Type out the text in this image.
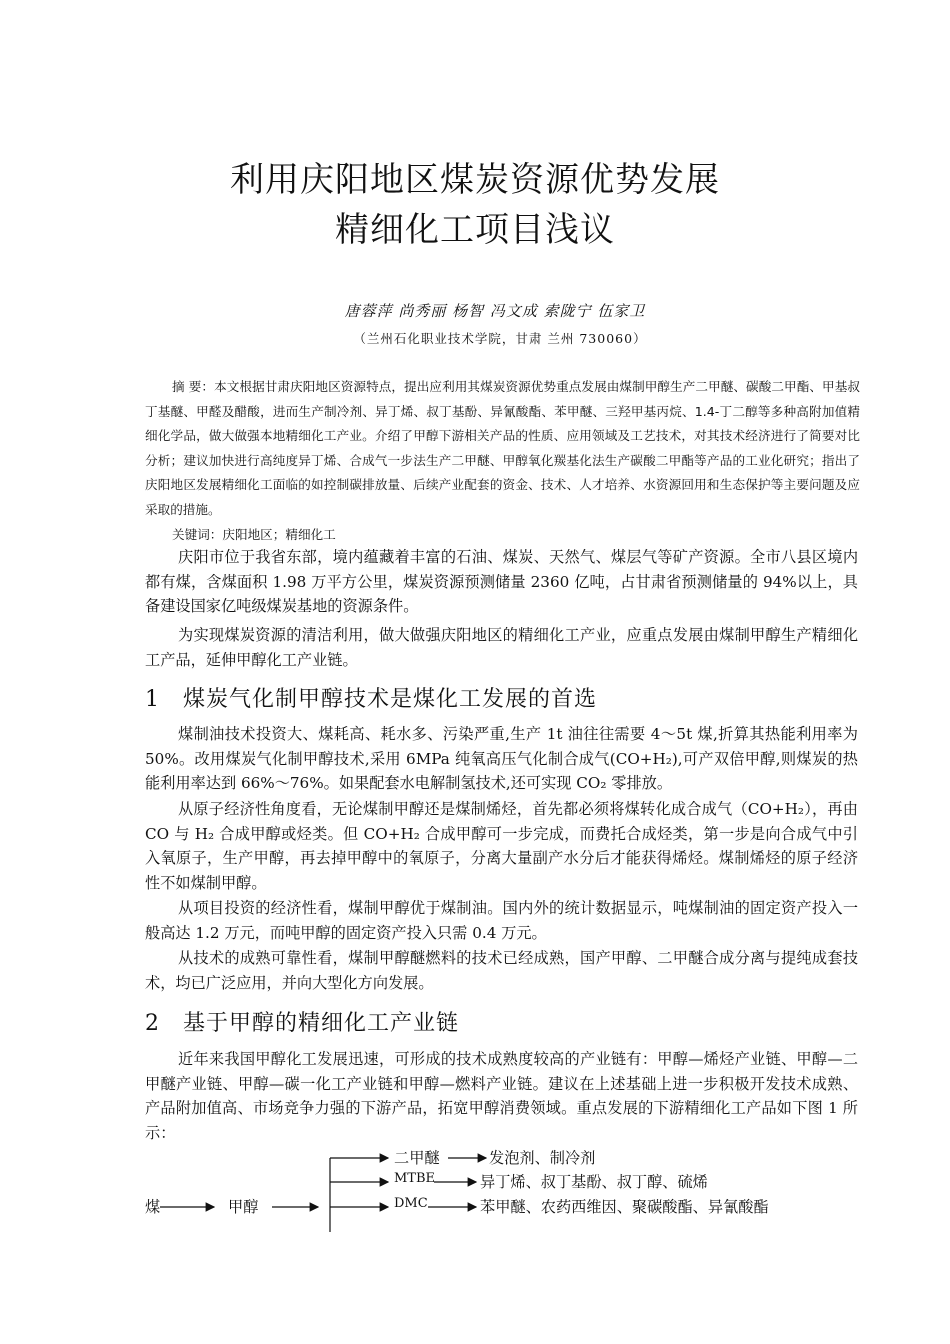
利用庆阳地区煤炭资源优势发展
精细化工项目浅议
唐蓉萍 尚秀丽 杨智 冯文成 索陇宁 伍家卫
（兰州石化职业技术学院，甘肃 兰州 730060）
摘 要：本文根据甘肃庆阳地区资源特点，提出应利用其煤炭资源优势重点发展由煤制甲醇生产二甲醚、碳酸二甲酯、甲基叔丁基醚、甲醛及醋酸，进而生产制冷剂、异丁烯、叔丁基酚、异氰酸酯、苯甲醚、三羟甲基丙烷、1.4-丁二醇等多种高附加值精细化学品，做大做强本地精细化工产业。介绍了甲醇下游相关产品的性质、应用领域及工艺技术，对其技术经济进行了简要对比分析；建议加快进行高纯度异丁烯、合成气一步法生产二甲醚、甲醇氧化羰基化法生产碳酸二甲酯等产品的工业化研究；指出了庆阳地区发展精细化工面临的如控制碳排放量、后续产业配套的资金、技术、人才培养、水资源回用和生态保护等主要问题及应采取的措施。
关键词：庆阳地区；精细化工
庆阳市位于我省东部，境内蕴藏着丰富的石油、煤炭、天然气、煤层气等矿产资源。全市八县区境内都有煤，含煤面积 1.98 万平方公里，煤炭资源预测储量 2360 亿吨，占甘肃省预测储量的 94%以上，具备建设国家亿吨级煤炭基地的资源条件。
为实现煤炭资源的清洁利用，做大做强庆阳地区的精细化工产业，应重点发展由煤制甲醇生产精细化工产品，延伸甲醇化工产业链。
1 煤炭气化制甲醇技术是煤化工发展的首选
煤制油技术投资大、煤耗高、耗水多、污染严重,生产 1t 油往往需要 4～5t 煤,折算其热能利用率为 50%。改用煤炭气化制甲醇技术,采用 6MPa 纯氧高压气化制合成气(CO+H₂),可产双倍甲醇,则煤炭的热能利用率达到 66%～76%。如果配套水电解制氢技术,还可实现 CO₂ 零排放。
从原子经济性角度看，无论煤制甲醇还是煤制烯烃，首先都必须将煤转化成合成气（CO+H₂），再由 CO 与 H₂ 合成甲醇或烃类。但 CO+H₂ 合成甲醇可一步完成，而费托合成烃类，第一步是向合成气中引入氧原子，生产甲醇，再去掉甲醇中的氧原子，分离大量副产水分后才能获得烯烃。煤制烯烃的原子经济性不如煤制甲醇。
从项目投资的经济性看，煤制甲醇优于煤制油。国内外的统计数据显示，吨煤制油的固定资产投入一般高达 1.2 万元，而吨甲醇的固定资产投入只需 0.4 万元。
从技术的成熟可靠性看，煤制甲醇醚燃料的技术已经成熟，国产甲醇、二甲醚合成分离与提纯成套技术，均已广泛应用，并向大型化方向发展。
2 基于甲醇的精细化工产业链
近年来我国甲醇化工发展迅速，可形成的技术成熟度较高的产业链有：甲醇—烯烃产业链、甲醇—二甲醚产业链、甲醇—碳一化工产业链和甲醇—燃料产业链。建议在上述基础上进一步积极开发技术成熟、产品附加值高、市场竞争力强的下游产品，拓宽甲醇消费领域。重点发展的下游精细化工产品如下图 1 所示：
煤	甲醇
二甲醚
MTBE
DMC
发泡剂、制冷剂
异丁烯、叔丁基酚、叔丁醇、硫烯
苯甲醚、农药西维因、聚碳酸酯、异氰酸酯
